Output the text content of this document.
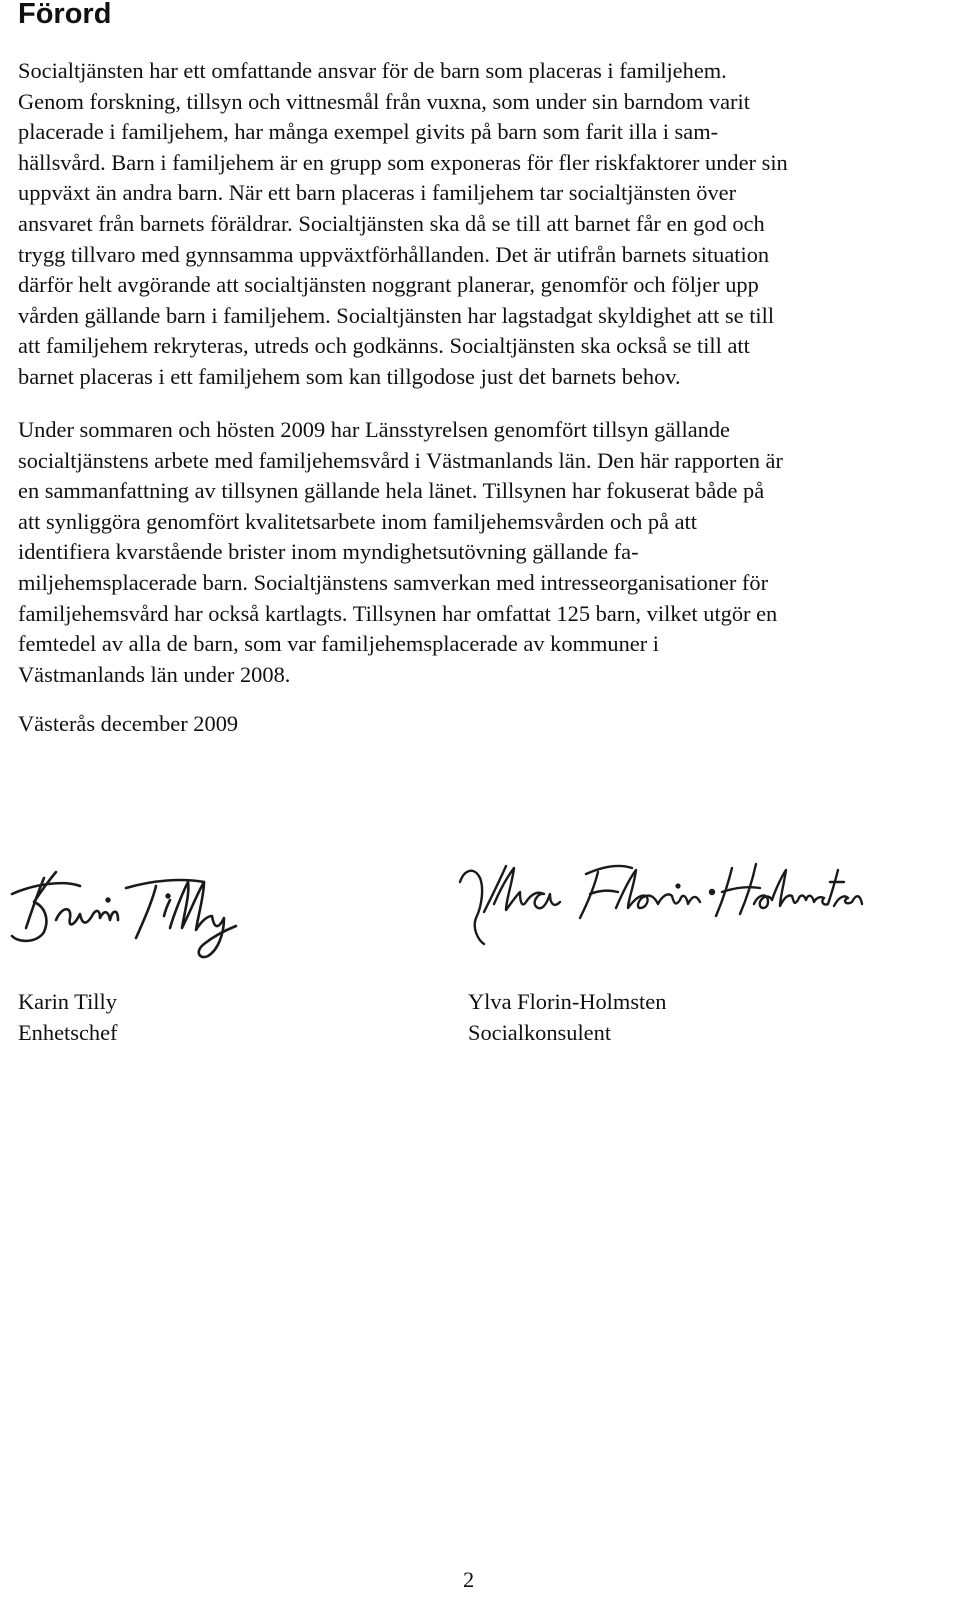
Förord

Socialtjänsten har ett omfattande ansvar för de barn som placeras i familjehem.
Genom forskning, tillsyn och vittnesmål från vuxna, som under sin barndom varit
placerade i familjehem, har många exempel givits på barn som farit illa i sam-
hällsvård. Barn i familjehem är en grupp som exponeras för fler riskfaktorer under sin
uppväxt än andra barn. När ett barn placeras i familjehem tar socialtjänsten över
ansvaret från barnets föräldrar. Socialtjänsten ska då se till att barnet får en god och
trygg tillvaro med gynnsamma uppväxtförhållanden. Det är utifrån barnets situation
därför helt avgörande att socialtjänsten noggrant planerar, genomför och följer upp
vården gällande barn i familjehem. Socialtjänsten har lagstadgat skyldighet att se till
att familjehem rekryteras, utreds och godkänns. Socialtjänsten ska också se till att
barnet placeras i ett familjehem som kan tillgodose just det barnets behov.

Under sommaren och hösten 2009 har Länsstyrelsen genomfört tillsyn gällande
socialtjänstens arbete med familjehemsvård i Västmanlands län. Den här rapporten är
en sammanfattning av tillsynen gällande hela länet. Tillsynen har fokuserat både på
att synliggöra genomfört kvalitetsarbete inom familjehemsvården och på att
identifiera kvarstående brister inom myndighetsutövning gällande fa-
miljehemsplacerade barn. Socialtjänstens samverkan med intresseorganisationer för
familjehemsvård har också kartlagts. Tillsynen har omfattat 125 barn, vilket utgör en
femtedel av alla de barn, som var familjehemsplacerade av kommuner i
Västmanlands län under 2008.

Västerås december 2009

Karin Tilly
Enhetschef
Ylva Florin-Holmsten
Socialkonsulent
2
